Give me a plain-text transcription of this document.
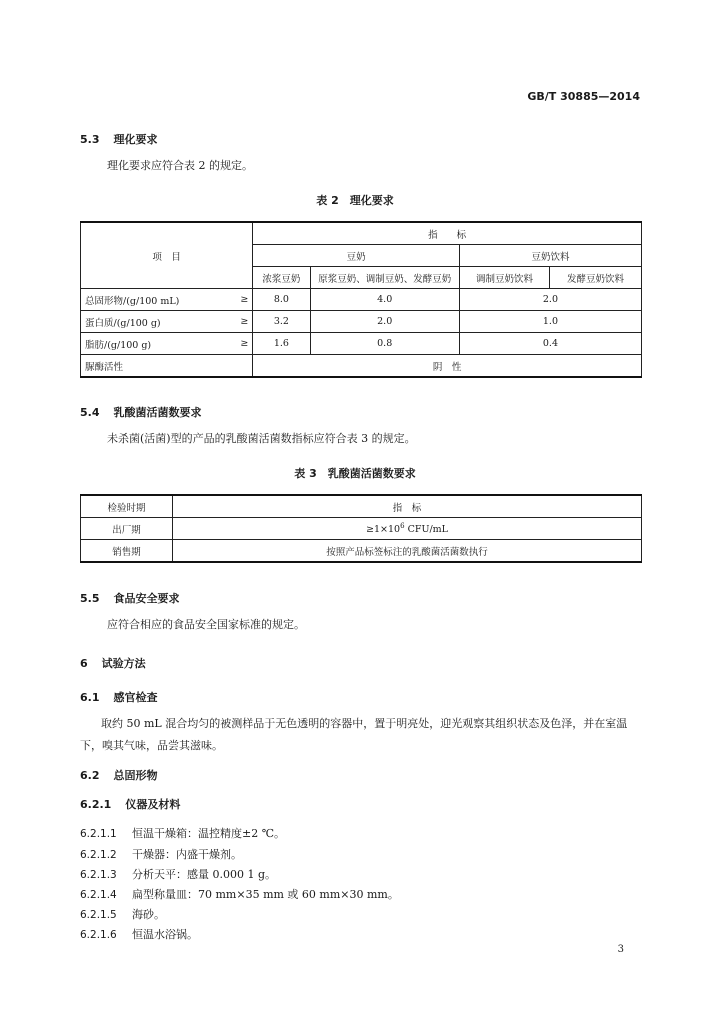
GB/T 30885—2014
5.3 理化要求
理化要求应符合表 2 的规定。
表 2　理化要求
项　目		指　　标			
		豆奶		豆奶饮料	
		浓浆豆奶	原浆豆奶、调制豆奶、发酵豆奶	调制豆奶饮料	发酵豆奶饮料
总固形物/(g/100 mL)	≥	8.0	4.0	2.0	
蛋白质/(g/100 g)	≥	3.2	2.0	1.0	
脂肪/(g/100 g)	≥	1.6	0.8	0.4	
脲酶活性		阴　性			
5.4 乳酸菌活菌数要求
未杀菌(活菌)型的产品的乳酸菌活菌数指标应符合表 3 的规定。
表 3　乳酸菌活菌数要求
检验时期	指　标
出厂期	$\ge 1\times 10^6$ CFU/mL
销售期	按照产品标签标注的乳酸菌活菌数执行
5.5 食品安全要求
应符合相应的食品安全国家标准的规定。
6 试验方法
6.1 感官检查
取约 50 mL 混合均匀的被测样品于无色透明的容器中，置于明亮处，迎光观察其组织状态及色泽，并在室温下，嗅其气味，品尝其滋味。
6.2 总固形物
6.2.1 仪器及材料
6.2.1.1 恒温干燥箱：温控精度±2 ℃。
6.2.1.2 干燥器：内盛干燥剂。
6.2.1.3 分析天平：感量 0.000 1 g。
6.2.1.4 扁型称量皿：70 mm×35 mm 或 60 mm×30 mm。
6.2.1.5 海砂。
6.2.1.6 恒温水浴锅。
3
